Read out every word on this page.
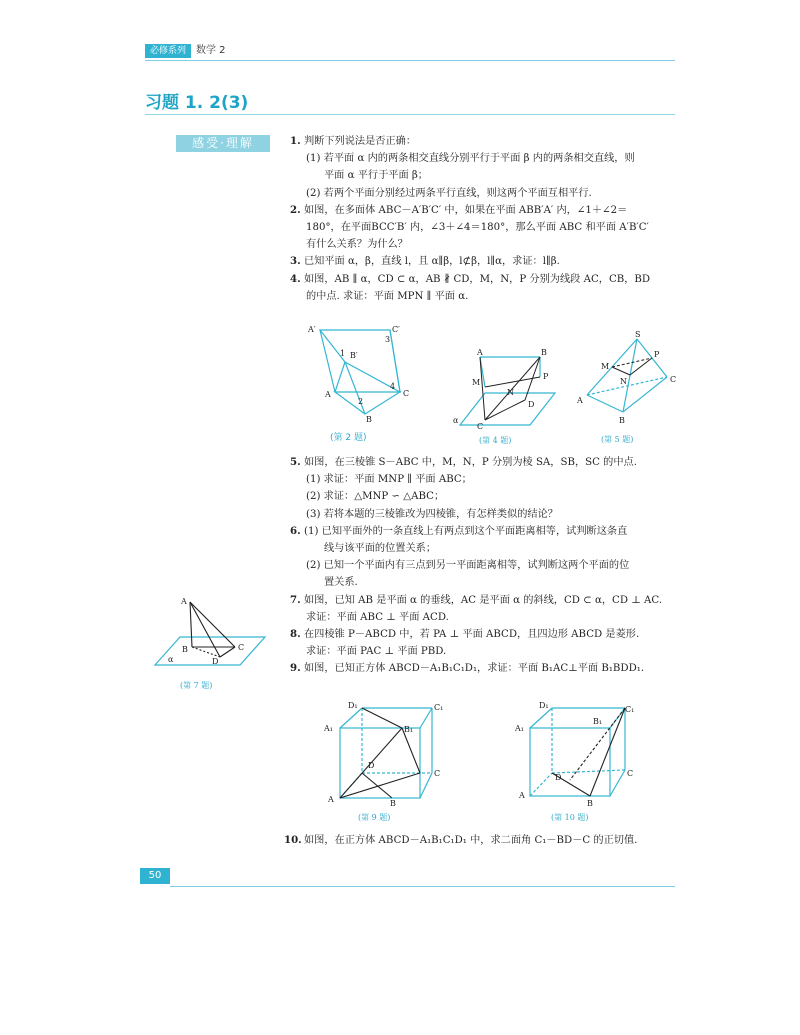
必修系列	数学 2
习题 1. 2(3)
感受·理解	1. 判断下列说法是否正确：

(1) 若平面 α 内的两条相交直线分别平行于平面 β 内的两条相交直线，则

平面 α 平行于平面 β；

(2) 若两个平面分别经过两条平行直线，则这两个平面互相平行.

2. 如图，在多面体 ABC－A′B′C′ 中，如果在平面 ABB′A′ 内，∠1＋∠2＝

180°，在平面BCC′B′ 内，∠3＋∠4＝180°，那么平面 ABC 和平面 A′B′C′

有什么关系？为什么？

3. 已知平面 α，β，直线 l，且 α∥β，l⊄β，l∥α，求证：l∥β.

4. 如图，AB ∥ α，CD ⊂ α，AB ∦ CD，M，N，P 分别为线段 AC，CB，BD

的中点. 求证：平面 MPN ∥ 平面 α.

A′	C′
B′
1
2
3
4
A
B
C
(第 2 题)
A	B
M
P
N
C
D
α
(第 4 题)
S
P
M
N
A
B
C
(第 5 题)

5. 如图，在三棱锥 S－ABC 中，M，N，P 分别为棱 SA，SB，SC 的中点.

(1) 求证：平面 MNP ∥ 平面 ABC；

(2) 求证：△MNP ∽ △ABC；

(3) 若将本题的三棱锥改为四棱锥，有怎样类似的结论？

6. (1) 已知平面外的一条直线上有两点到这个平面距离相等，试判断这条直

线与该平面的位置关系；

(2) 已知一个平面内有三点到另一平面距离相等，试判断这两个平面的位

置关系.

7. 如图，已知 AB 是平面 α 的垂线，AC 是平面 α 的斜线，CD ⊂ α，CD ⊥ AC.

求证：平面 ABC ⊥ 平面 ACD.

8. 在四棱锥 P－ABCD 中，若 PA ⊥ 平面 ABCD，且四边形 ABCD 是菱形.

求证：平面 PAC ⊥ 平面 PBD.

9. 如图，已知正方体 ABCD－A₁B₁C₁D₁，求证：平面 B₁AC⊥平面 B₁BDD₁.

A
B	C
D
α
(第 7 题)
D₁	C₁
A₁	B₁
D
C
A	B
(第 9 题)
D₁	C₁
A₁
B₁
D	C
A
B
(第 10 题)

10. 如图，在正方体 ABCD－A₁B₁C₁D₁ 中，求二面角 C₁－BD－C 的正切值.

50
